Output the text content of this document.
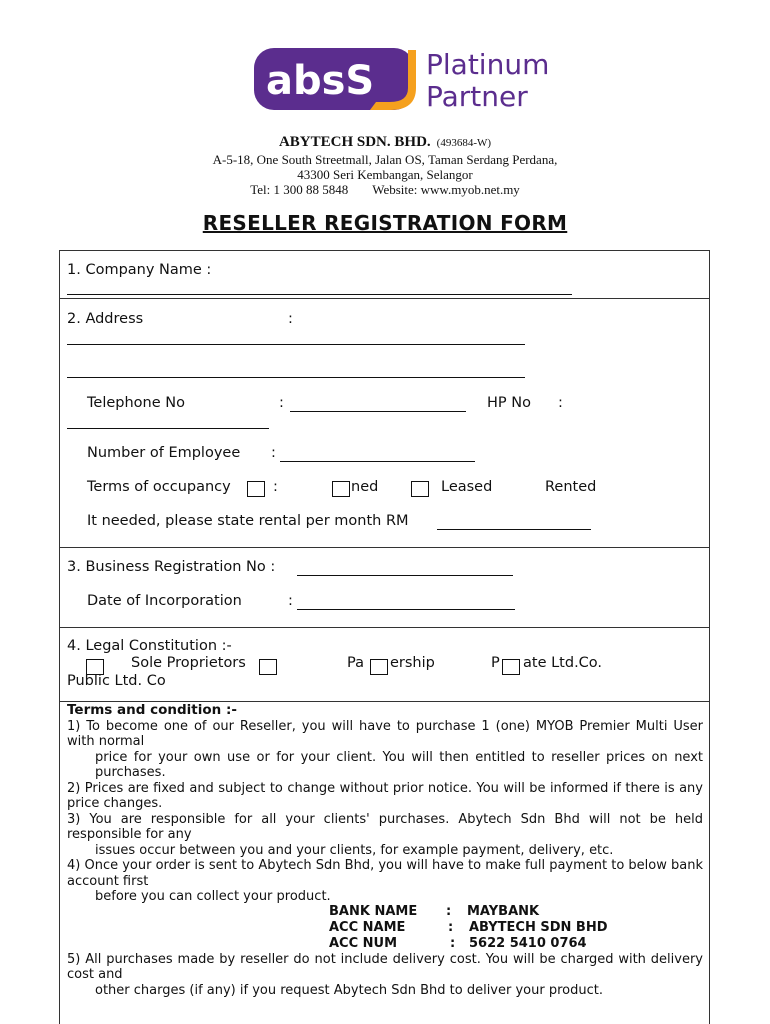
absS Platinum
Partner
ABYTECH SDN. BHD. (493684-W)
A-5-18, One South Streetmall, Jalan OS, Taman Serdang Perdana,
43300 Seri Kembangan, Selangor
Tel: 1 300 88 5848 Website: www.myob.net.my
RESELLER REGISTRATION FORM
1. Company Name :
2. Address	:
Telephone No	:	HP No :
Number of Employee :
Terms of occupancy	:	ned	Leased	Rented
It needed, please state rental per month RM
3. Business Registration No :
Date of Incorporation	:
4. Legal Constitution :-
Sole Proprietors	Pa ership	P ate Ltd.Co.
Public Ltd. Co
Terms and condition :-

1) To become one of our Reseller, you will have to purchase 1 (one) MYOB Premier Multi User with normal

price for your own use or for your client. You will then entitled to reseller prices on next purchases.

2) Prices are fixed and subject to change without prior notice. You will be informed if there is any price changes.

3) You are responsible for all your clients' purchases. Abytech Sdn Bhd will not be held responsible for any

issues occur between you and your clients, for example payment, delivery, etc.

4) Once your order is sent to Abytech Sdn Bhd, you will have to make full payment to below bank account first

before you can collect your product.

5) All purchases made by reseller do not include delivery cost. You will be charged with delivery cost and

other charges (if any) if you request Abytech Sdn Bhd to deliver your product.

BANK NAME : MAYBANK
ACC NAME	: ABYTECH SDN BHD
ACC NUM	: 5622 5410 0764
